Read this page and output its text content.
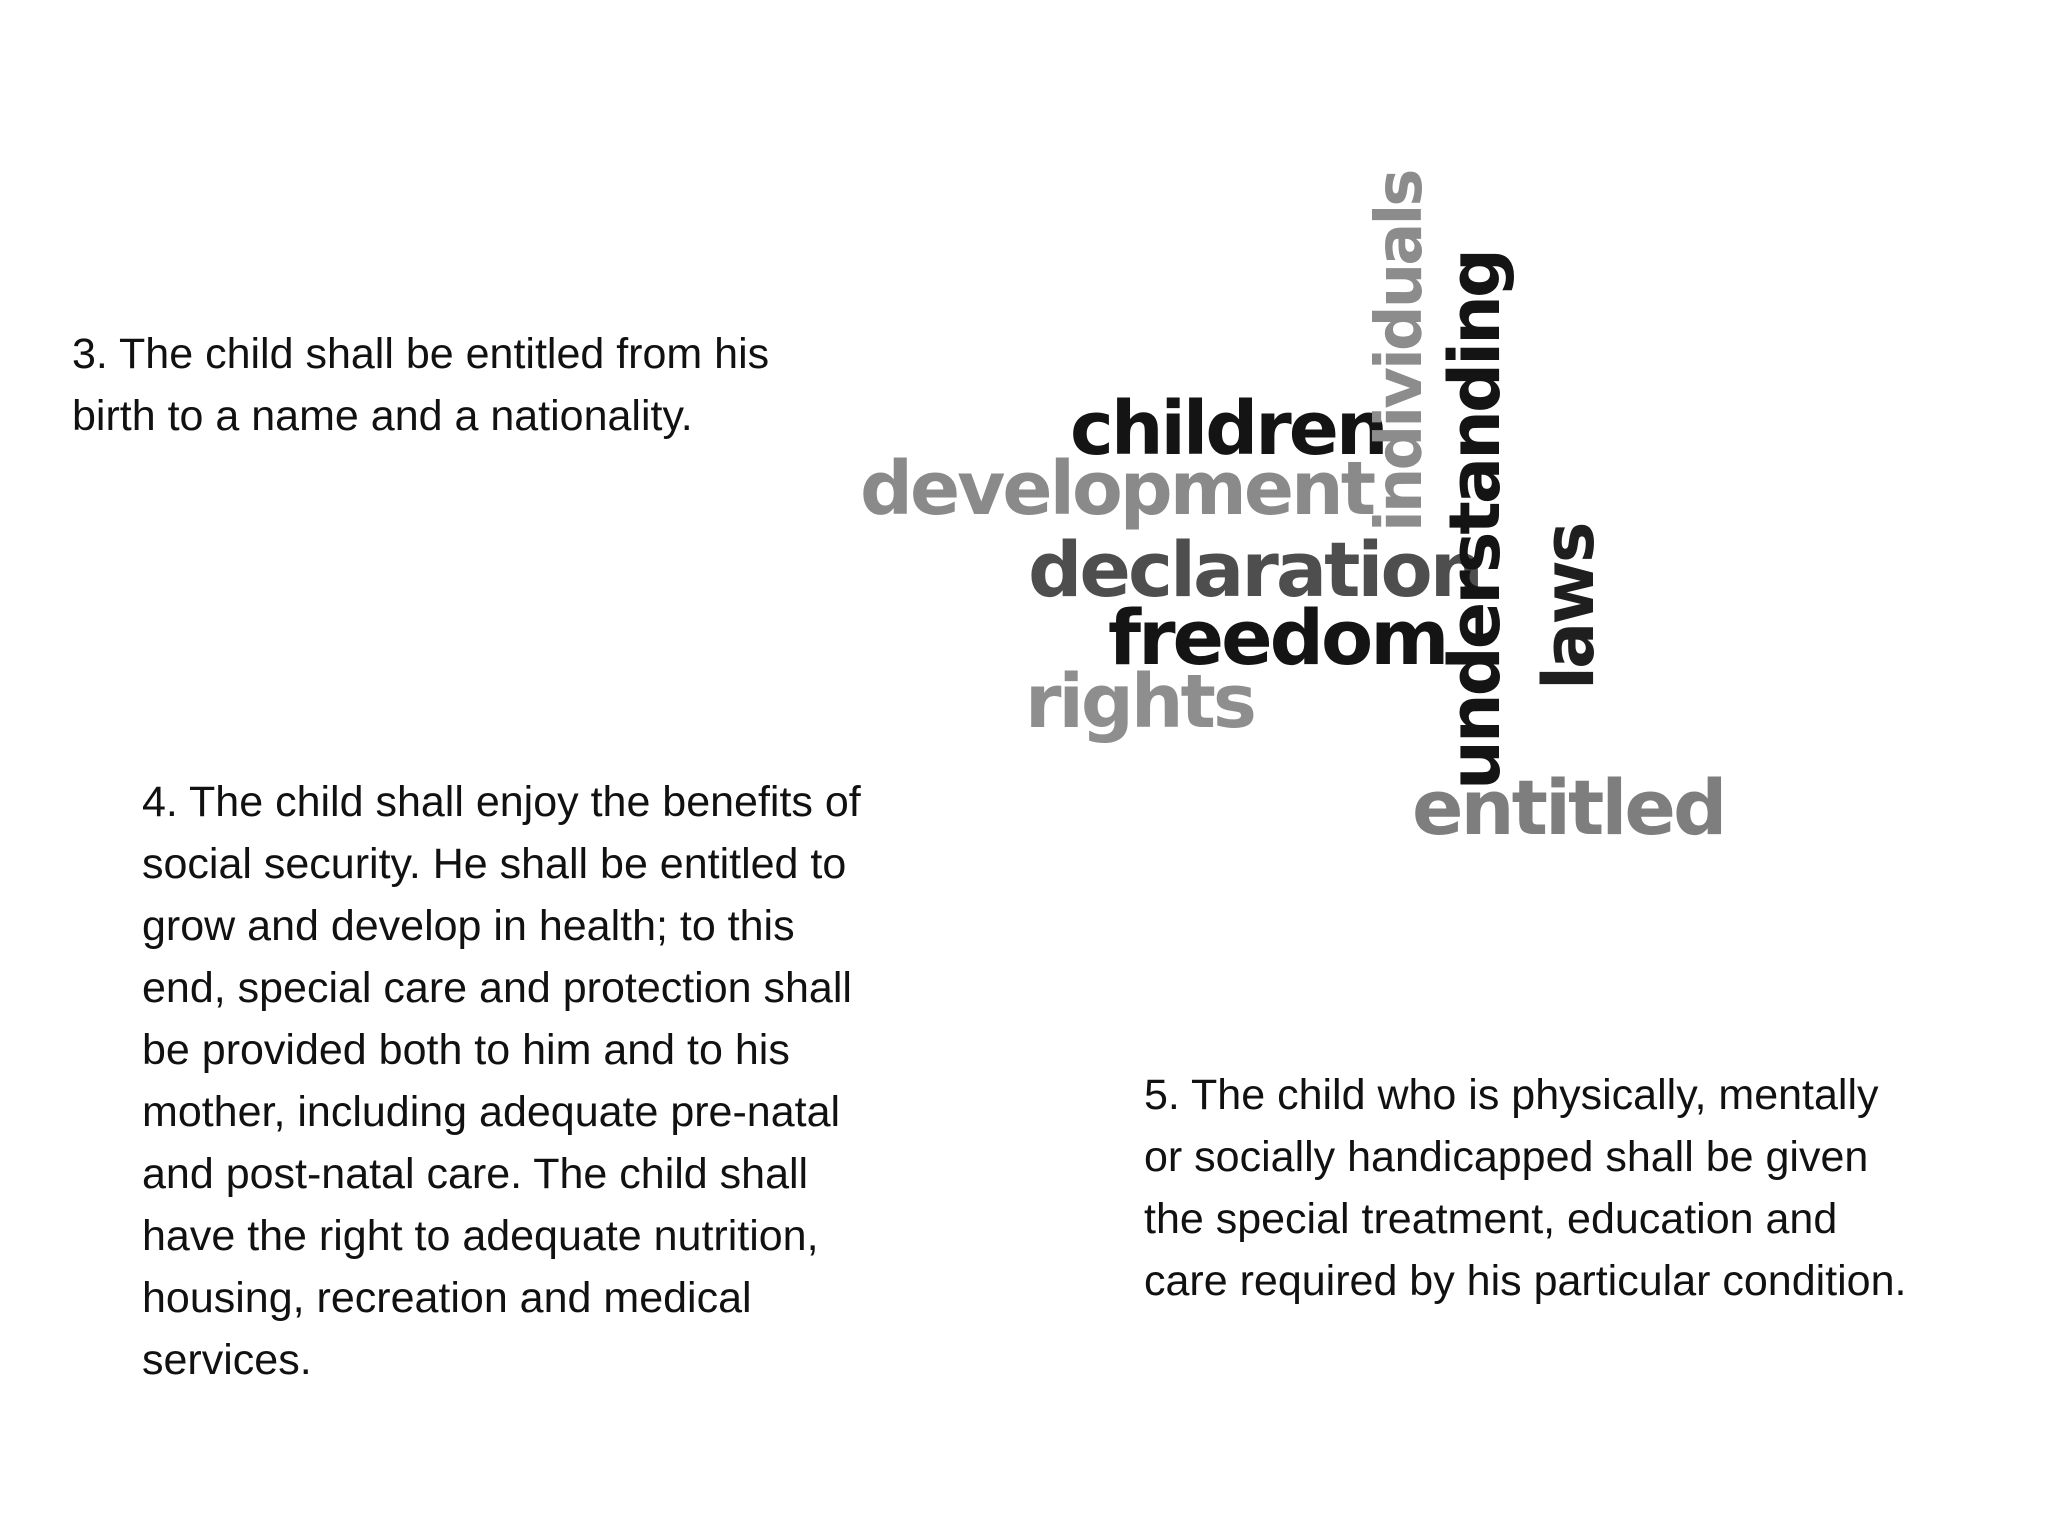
3. The child shall be entitled from his birth to a name and a nationality.

4. The child shall enjoy the benefits of social security. He shall be entitled to grow and develop in health; to this end, special care and protection shall be provided both to him and to his mother, including adequate pre-natal and post-natal care. The child shall have the right to adequate nutrition, housing, recreation and medical services.

5. The child who is physically, mentally or socially handicapped shall be given the special treatment, education and care required by his particular condition.

children
development
declaration
freedom
rights
individuals
understanding laws
entitled
